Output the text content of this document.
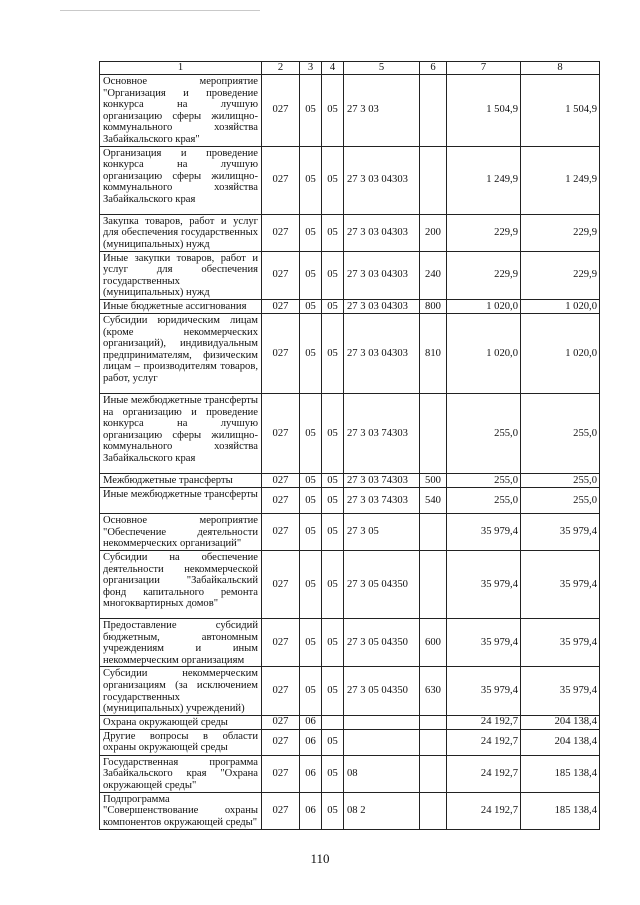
1	2	3	4	5	6	7	8
Основное мероприятие "Организация и проведение конкурса на лучшую организацию сферы жилищно-коммунального хозяйства Забайкальского края"	027	05	05	27 3 03		1 504,9	1 504,9
Организация и проведение конкурса на лучшую организацию сферы жилищно-коммунального хозяйства Забайкальского края	027	05	05	27 3 03 04303		1 249,9	1 249,9
Закупка товаров, работ и услуг для обеспечения государственных (муниципальных) нужд	027	05	05	27 3 03 04303	200	229,9	229,9
Иные закупки товаров, работ и услуг для обеспечения государственных (муниципальных) нужд	027	05	05	27 3 03 04303	240	229,9	229,9
Иные бюджетные ассигнования	027	05	05	27 3 03 04303	800	1 020,0	1 020,0
Субсидии юридическим лицам (кроме некоммерческих организаций), индивидуальным предпринимателям, физическим лицам – производителям товаров, работ, услуг	027	05	05	27 3 03 04303	810	1 020,0	1 020,0
Иные межбюджетные трансферты на организацию и проведение конкурса на лучшую организацию сферы жилищно-коммунального хозяйства Забайкальского края	027	05	05	27 3 03 74303		255,0	255,0
Межбюджетные трансферты	027	05	05	27 3 03 74303	500	255,0	255,0
Иные межбюджетные трансферты	027	05	05	27 3 03 74303	540	255,0	255,0
Основное мероприятие "Обеспечение деятельности некоммерческих организаций"	027	05	05	27 3 05		35 979,4	35 979,4
Субсидии на обеспечение деятельности некоммерческой организации "Забайкальский фонд капитального ремонта многоквартирных домов"	027	05	05	27 3 05 04350		35 979,4	35 979,4
Предоставление субсидий бюджетным, автономным учреждениям и иным некоммерческим организациям	027	05	05	27 3 05 04350	600	35 979,4	35 979,4
Субсидии некоммерческим организациям (за исключением государственных (муниципальных) учреждений)	027	05	05	27 3 05 04350	630	35 979,4	35 979,4
Охрана окружающей среды	027	06				24 192,7	204 138,4
Другие вопросы в области охраны окружающей среды	027	06	05			24 192,7	204 138,4
Государственная программа Забайкальского края "Охрана окружающей среды"	027	06	05	08		24 192,7	185 138,4
Подпрограмма "Совершенствование охраны компонентов окружающей среды"	027	06	05	08 2		24 192,7	185 138,4
110
